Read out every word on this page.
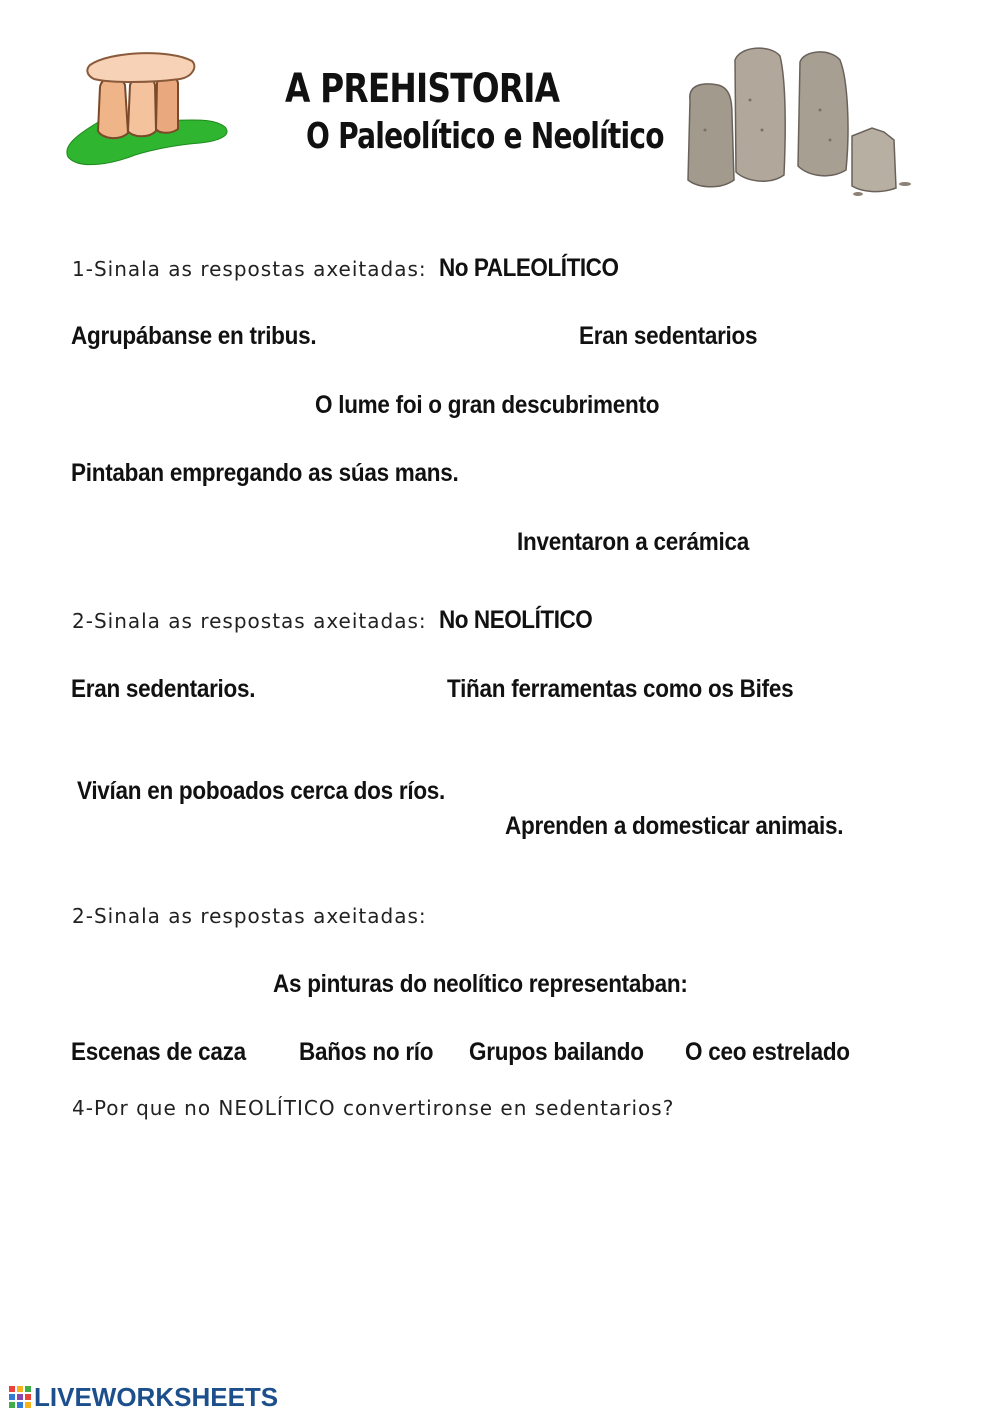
A PREHISTORIA
O Paleolítico e Neolítico
1-Sinala as respostas axeitadas: No PALEOLÍTICO
Agrupábanse en tribus.	Eran sedentarios
O lume foi o gran descubrimento
Pintaban empregando as súas mans.
Inventaron a cerámica
2-Sinala as respostas axeitadas: No NEOLÍTICO
Eran sedentarios.	Tiñan ferramentas como os Bifes
Vivían en poboados cerca dos ríos.
Aprenden a domesticar animais.
2-Sinala as respostas axeitadas:
As pinturas do neolítico representaban:
Escenas de caza Baños no río Grupos bailando O ceo estrelado
4-Por que no NEOLÍTICO convertironse en sedentarios?
LIVEWORKSHEETS
